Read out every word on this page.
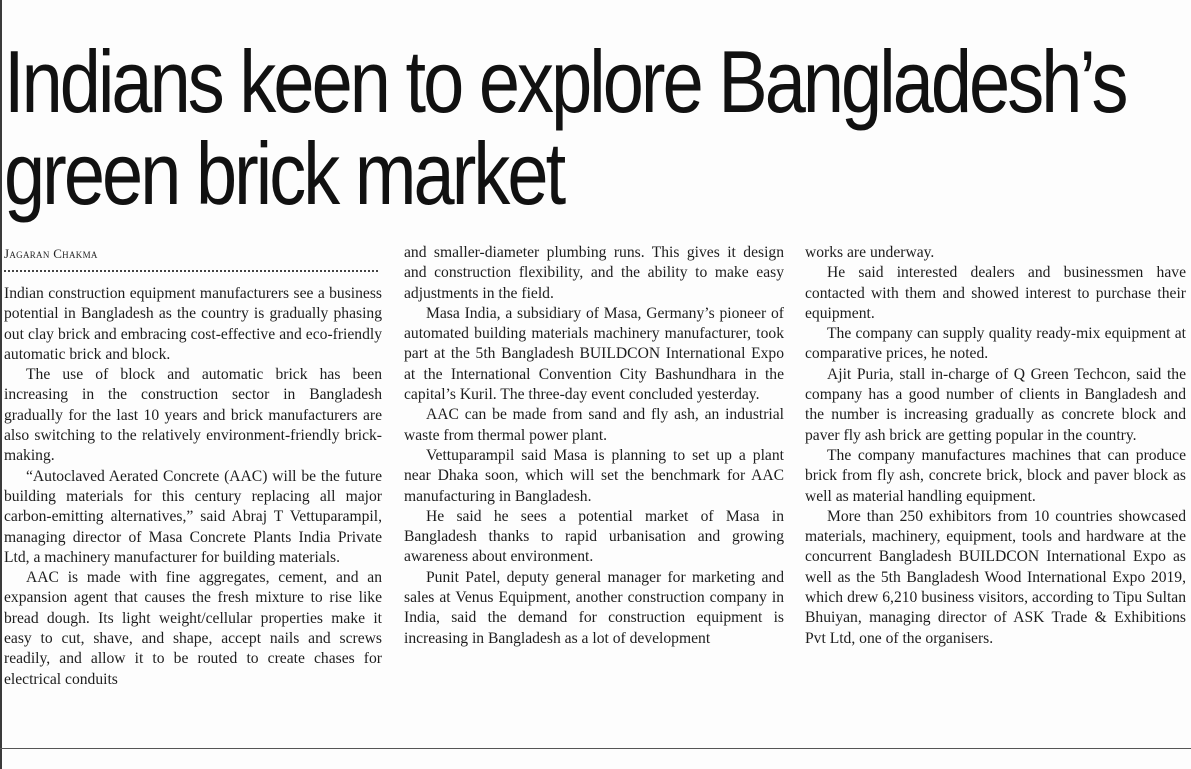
Indians keen to explore Bangladesh’s
green brick market
Jagaran Chakma

Indian construction equipment manufacturers see a business potential in Bangladesh as the country is gradually phasing out clay brick and embracing cost-effective and eco-friendly automatic brick and block.

The use of block and automatic brick has been increasing in the construction sector in Bangladesh gradually for the last 10 years and brick manufacturers are also switching to the relatively environment-friendly brick-making.

“Autoclaved Aerated Concrete (AAC) will be the future building materials for this century replacing all major carbon-emitting alternatives,” said Abraj T Vettuparampil, managing director of Masa Concrete Plants India Private Ltd, a machinery manufacturer for building materials.

AAC is made with fine aggregates, cement, and an expansion agent that causes the fresh mixture to rise like bread dough. Its light weight/cellular properties make it easy to cut, shave, and shape, accept nails and screws readily, and allow it to be routed to create chases for electrical conduits

and smaller-diameter plumbing runs. This gives it design and construction flexibility, and the ability to make easy adjustments in the field.

Masa India, a subsidiary of Masa, Germany’s pioneer of automated building materials machinery manufacturer, took part at the 5th Bangladesh BUILDCON International Expo at the International Convention City Bashundhara in the capital’s Kuril. The three-day event concluded yesterday.

AAC can be made from sand and fly ash, an industrial waste from thermal power plant.

Vettuparampil said Masa is planning to set up a plant near Dhaka soon, which will set the benchmark for AAC manufacturing in Bangladesh.

He said he sees a potential market of Masa in Bangladesh thanks to rapid urbanisation and growing awareness about environment.

Punit Patel, deputy general manager for marketing and sales at Venus Equipment, another construction company in India, said the demand for construction equipment is increasing in Bangladesh as a lot of development

works are underway.

He said interested dealers and businessmen have contacted with them and showed interest to purchase their equipment.

The company can supply quality ready-mix equipment at comparative prices, he noted.

Ajit Puria, stall in-charge of Q Green Techcon, said the company has a good number of clients in Bangladesh and the number is increasing gradually as concrete block and paver fly ash brick are getting popular in the country.

The company manufactures machines that can produce brick from fly ash, concrete brick, block and paver block as well as material handling equipment.

More than 250 exhibitors from 10 countries showcased materials, machinery, equipment, tools and hardware at the concurrent Bangladesh BUILDCON International Expo as well as the 5th Bangladesh Wood International Expo 2019, which drew 6,210 business visitors, according to Tipu Sultan Bhuiyan, managing director of ASK Trade & Exhibitions Pvt Ltd, one of the organisers.
